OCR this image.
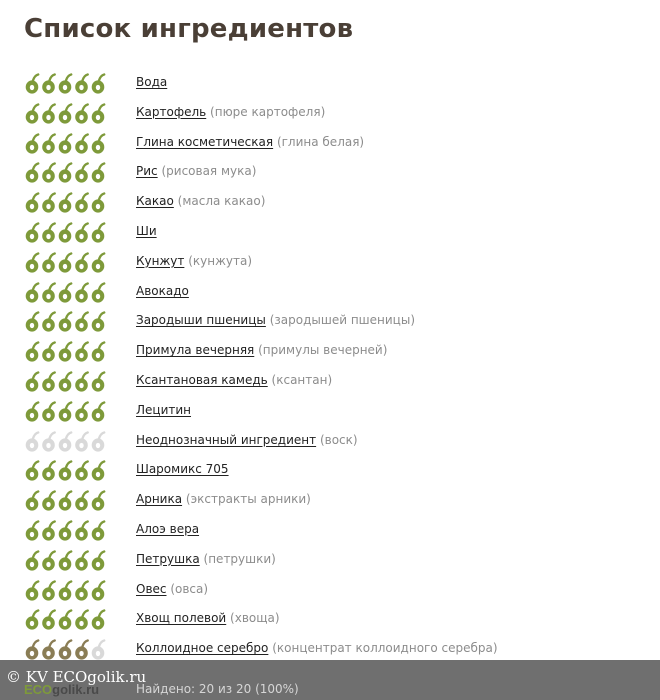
Список ингредиентов
Вода
Картофель (пюре картофеля)
Глина косметическая (глина белая)
Рис (рисовая мука)
Какао (масла какао)
Ши
Кунжут (кунжута)
Авокадо
Зародыши пшеницы (зародышей пшеницы)
Примула вечерняя (примулы вечерней)
Ксантановая камедь (ксантан)
Лецитин
Неоднозначный ингредиент (воск)
Шаромикс 705
Арника (экстракты арники)
Алоэ вера
Петрушка (петрушки)
Овес (овса)
Хвощ полевой (хвоща)
Коллоидное серебро (концентрат коллоидного серебра)
© KV ECOgolik.ru
ECOgolik.ru	Найдено: 20 из 20 (100%)
